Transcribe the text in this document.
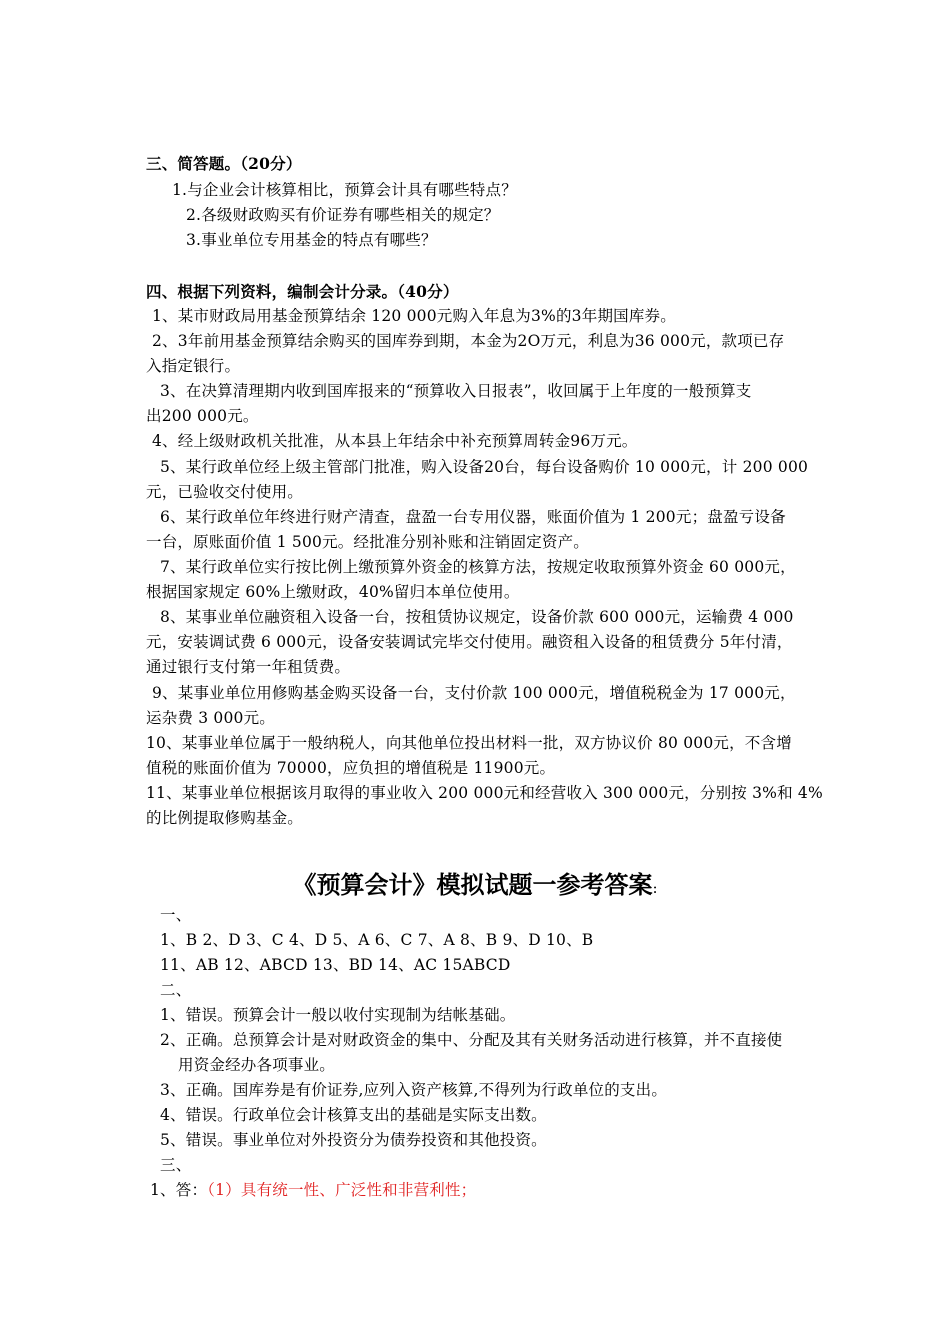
三、简答题。（20分）
1.与企业会计核算相比，预算会计具有哪些特点？
2.各级财政购买有价证券有哪些相关的规定？
3.事业单位专用基金的特点有哪些？
四、根据下列资料，编制会计分录。（40分）
1、某市财政局用基金预算结余 120 000元购入年息为3%的3年期国库券。
2、3年前用基金预算结余购买的国库券到期，本金为2O万元，利息为36 000元，款项已存
入指定银行。
3、在决算清理期内收到国库报来的“预算收入日报表”，收回属于上年度的一般预算支
出200 000元。
4、经上级财政机关批准，从本县上年结余中补充预算周转金96万元。
5、某行政单位经上级主管部门批准，购入设备20台，每台设备购价 10 000元，计 200 000
元，已验收交付使用。
6、某行政单位年终进行财产清查，盘盈一台专用仪器，账面价值为 1 200元；盘盈亏设备
一台，原账面价值 1 500元。经批准分别补账和注销固定资产。
7、某行政单位实行按比例上缴预算外资金的核算方法，按规定收取预算外资金 60 000元，
根据国家规定 60%上缴财政，40%留归本单位使用。
8、某事业单位融资租入设备一台，按租赁协议规定，设备价款 600 000元，运输费 4 000
元，安装调试费 6 000元，设备安装调试完毕交付使用。融资租入设备的租赁费分 5年付清，
通过银行支付第一年租赁费。
9、某事业单位用修购基金购买设备一台，支付价款 100 000元，增值税税金为 17 000元，
运杂费 3 000元。
10、某事业单位属于一般纳税人，向其他单位投出材料一批，双方协议价 80 000元，不含增
值税的账面价值为 70000，应负担的增值税是 11900元。
11、某事业单位根据该月取得的事业收入 200 000元和经营收入 300 000元，分别按 3%和 4%
的比例提取修购基金。
《预算会计》模拟试题一参考答案:
一、
1、B 2、D 3、C 4、D 5、A 6、C 7、A 8、B 9、D 10、B
11、AB 12、ABCD 13、BD 14、AC 15ABCD
二、
1、错误。预算会计一般以收付实现制为结帐基础。
2、正确。总预算会计是对财政资金的集中、分配及其有关财务活动进行核算，并不直接使
用资金经办各项事业。
3、正确。国库券是有价证券,应列入资产核算,不得列为行政单位的支出。
4、错误。行政单位会计核算支出的基础是实际支出数。
5、错误。事业单位对外投资分为债券投资和其他投资。
三、
1、答：（1）具有统一性、广泛性和非营利性；
